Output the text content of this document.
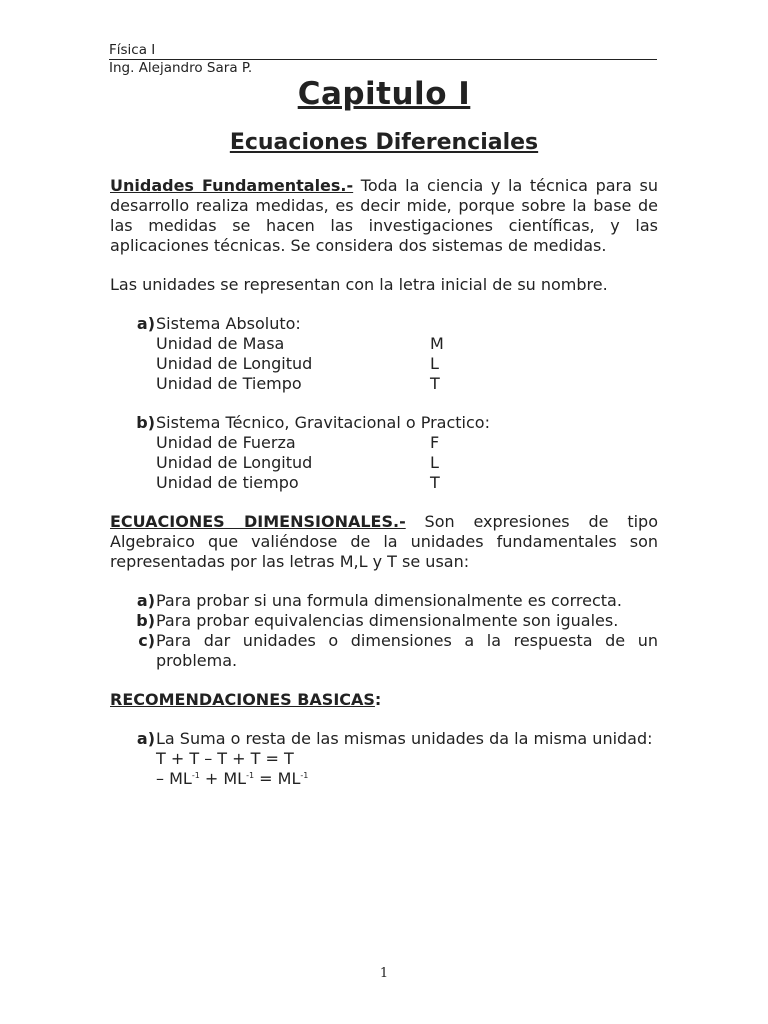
Física I
Ing. Alejandro Sara P.
Capitulo I
Ecuaciones Diferenciales

Unidades Fundamentales.- Toda la ciencia y la técnica para su desarrollo realiza medidas, es decir mide, porque sobre la base de las medidas se hacen las investigaciones científicas, y las aplicaciones técnicas. Se considera dos sistemas de medidas.

Las unidades se representan con la letra inicial de su nombre.

a) Sistema Absoluto:
Unidad de Masa	M
Unidad de Longitud	L
Unidad de Tiempo	T
b) Sistema Técnico, Gravitacional o Practico:
Unidad de Fuerza	F
Unidad de Longitud	L
Unidad de tiempo	T

ECUACIONES DIMENSIONALES.- Son expresiones de tipo Algebraico que valiéndose de la unidades fundamentales son representadas por las letras M,L y T se usan:

a) Para probar si una formula dimensionalmente es correcta.
b) Para probar equivalencias dimensionalmente son iguales.
c) Para dar unidades o dimensiones a la respuesta de un problema.

RECOMENDACIONES BASICAS:

a) La Suma o resta de las mismas unidades da la misma unidad:
T + T – T + T = T
– $ML^{-1} + ML^{-1} = ML^{-1}$
1
